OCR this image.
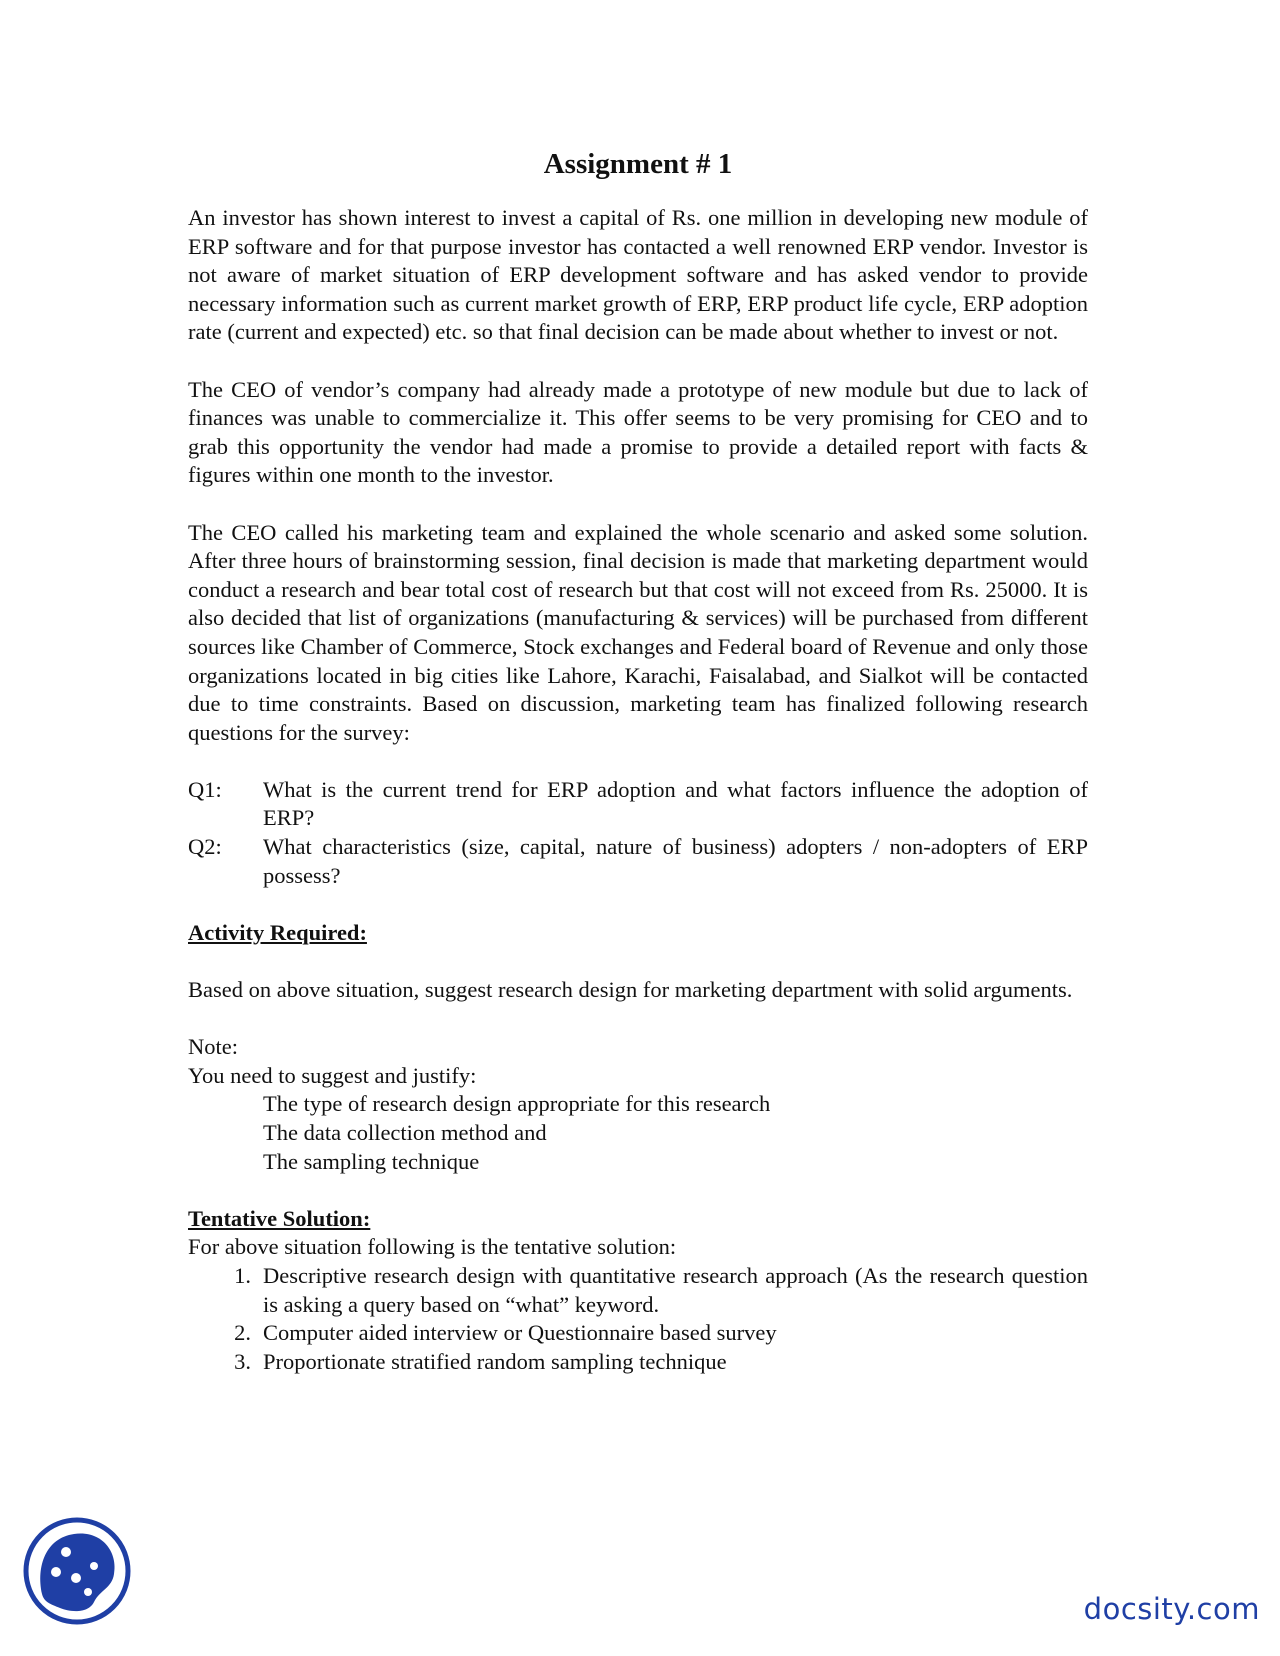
Assignment # 1

An investor has shown interest to invest a capital of Rs. one million in developing new module of ERP software and for that purpose investor has contacted a well renowned ERP vendor. Investor is not aware of market situation of ERP development software and has asked vendor to provide necessary information such as current market growth of ERP, ERP product life cycle, ERP adoption rate (current and expected) etc. so that final decision can be made about whether to invest or not.

The CEO of vendor’s company had already made a prototype of new module but due to lack of finances was unable to commercialize it. This offer seems to be very promising for CEO and to grab this opportunity the vendor had made a promise to provide a detailed report with facts & figures within one month to the investor.

The CEO called his marketing team and explained the whole scenario and asked some solution. After three hours of brainstorming session, final decision is made that marketing department would conduct a research and bear total cost of research but that cost will not exceed from Rs. 25000. It is also decided that list of organizations (manufacturing & services) will be purchased from different sources like Chamber of Commerce, Stock exchanges and Federal board of Revenue and only those organizations located in big cities like Lahore, Karachi, Faisalabad, and Sialkot will be contacted due to time constraints. Based on discussion, marketing team has finalized following research questions for the survey:

Q1:	What is the current trend for ERP adoption and what factors influence the adoption of ERP?
Q2:	What characteristics (size, capital, nature of business) adopters / non-adopters of ERP possess?
Activity Required:

Based on above situation, suggest research design for marketing department with solid arguments.

Note:
You need to suggest and justify:
The type of research design appropriate for this research
The data collection method and
The sampling technique
Tentative Solution:
For above situation following is the tentative solution:
1. Descriptive research design with quantitative research approach (As the research question is asking a query based on “what” keyword.
2. Computer aided interview or Questionnaire based survey
3. Proportionate stratified random sampling technique
docsity.com
